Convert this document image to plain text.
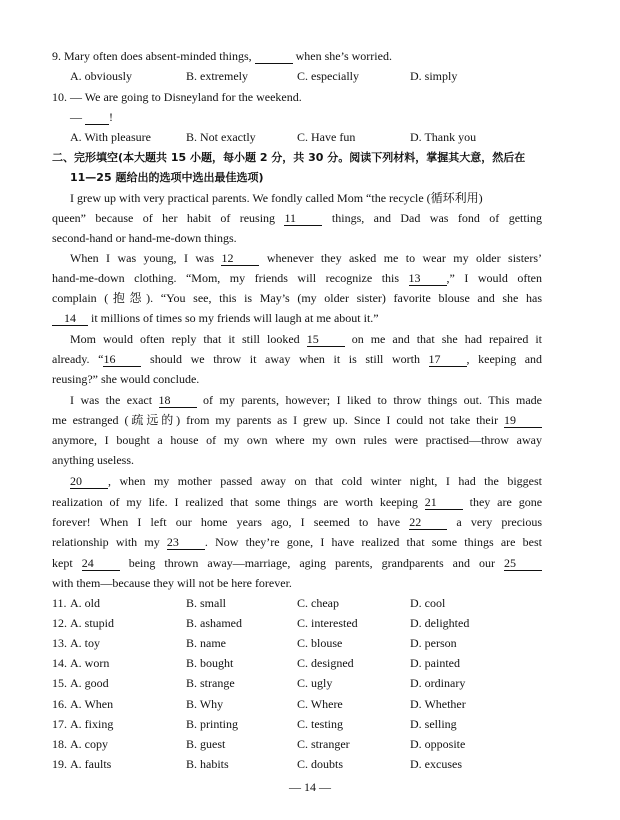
9. Mary often does absent-minded things,	when she’s worried.
A. obviously	B. extremely	C. especially	D. simply
10. — We are going to Disneyland for the weekend.
— !
A. With pleasure	B. Not exactly	C. Have fun	D. Thank you
二、完形填空(本大题共 15 小题，每小题 2 分，共 30 分。阅读下列材料，掌握其大意，然后在
11—25 题给出的选项中选出最佳选项)
I grew up with very practical parents. We fondly called Mom “the recycle (循环利用)
queen” because of her habit of reusing 11	things, and Dad was fond of getting
second-hand or hand-me-down things.
When I was young, I was 12	whenever they asked me to wear my older sisters’
hand-me-down clothing. “Mom, my friends will recognize this 13 ,” I would often
complain (抱怨). “You see, this is May’s (my older sister) favorite blouse and she has
14 it millions of times so my friends will laugh at me about it.”
Mom would often reply that it still looked 15	on me and that she had repaired it
already. “16	should we throw it away when it is still worth 17 , keeping and
reusing?” she would conclude.
I was the exact 18	of my parents, however; I liked to throw things out. This made
me estranged (疏远的) from my parents as I grew up. Since I could not take their 19
anymore, I bought a house of my own where my own rules were practised—throw away
anything useless.
20 , when my mother passed away on that cold winter night, I had the biggest
realization of my life. I realized that some things are worth keeping 21	they are gone
forever! When I left our home years ago, I seemed to have 22	a very precious
relationship with my 23 . Now they’re gone, I have realized that some things are best
kept 24	being thrown away—marriage, aging parents, grandparents and our 25
with them—because they will not be here forever.
11. A. old	B. small	C. cheap	D. cool
12. A. stupid	B. ashamed	C. interested	D. delighted
13. A. toy	B. name	C. blouse	D. person
14. A. worn	B. bought	C. designed	D. painted
15. A. good	B. strange	C. ugly	D. ordinary
16. A. When	B. Why	C. Where	D. Whether
17. A. fixing	B. printing	C. testing	D. selling
18. A. copy	B. guest	C. stranger	D. opposite
19. A. faults	B. habits	C. doubts	D. excuses
— 14 —
